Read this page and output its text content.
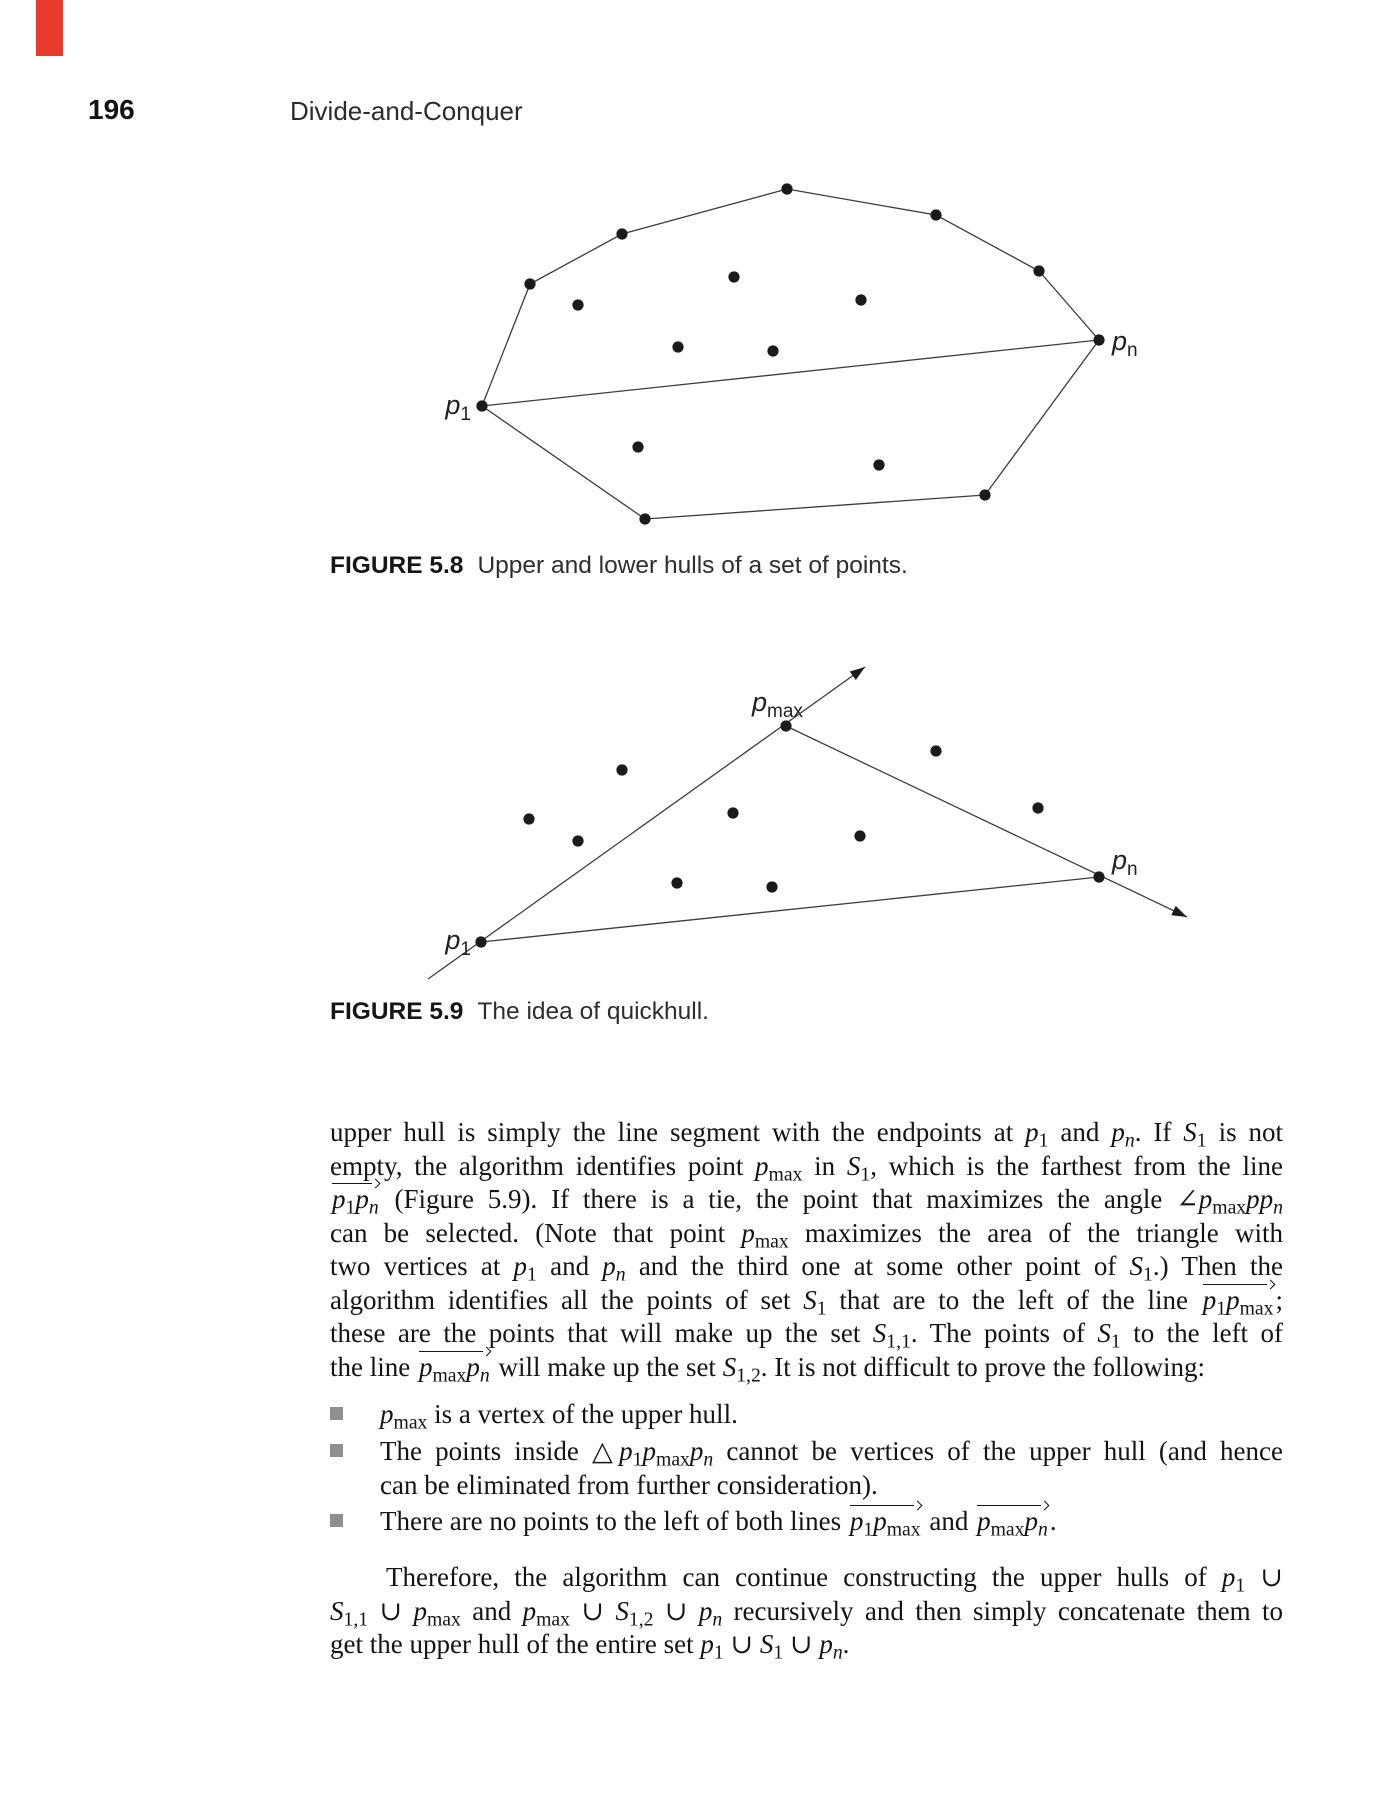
196	Divide-and-Conquer
$p_1$
$p_n$
FIGURE 5.8 Upper and lower hulls of a set of points.
$p_1$
$p_{max}$
$p_n$
FIGURE 5.9 The idea of quickhull.
upper hull is simply the line segment with the endpoints at $p_1$ and $p_n$. If $S_1$ is not
empty, the algorithm identifies point $p_{max}$ in $S_1$, which is the farthest from the line
$p_1p_n$ (Figure 5.9). If there is a tie, the point that maximizes the angle $\angle p_{max}pp_n$
can be selected. (Note that point $p_{max}$ maximizes the area of the triangle with
two vertices at $p_1$ and $p_n$ and the third one at some other point of $S_1$.) Then the
algorithm identifies all the points of set $S_1$ that are to the left of the line $p_1p_{max}$;
these are the points that will make up the set $S_{1,1}$. The points of $S_1$ to the left of
the line $p_{max}p_n$ will make up the set $S_{1,2}$. It is not difficult to prove the following:
$p_{max}$ is a vertex of the upper hull.
The points inside $\triangle p_1p_{max}p_n$ cannot be vertices of the upper hull (and hence
can be eliminated from further consideration).
There are no points to the left of both lines $p_1p_{max}$ and $p_{max}p_n$.
Therefore, the algorithm can continue constructing the upper hulls of $p_1$ ∪
$S_{1,1}$ ∪ $p_{max}$ and $p_{max}$ ∪ $S_{1,2}$ ∪ $p_n$ recursively and then simply concatenate them to
get the upper hull of the entire set $p_1$ ∪ $S_1$ ∪ $p_n$.
